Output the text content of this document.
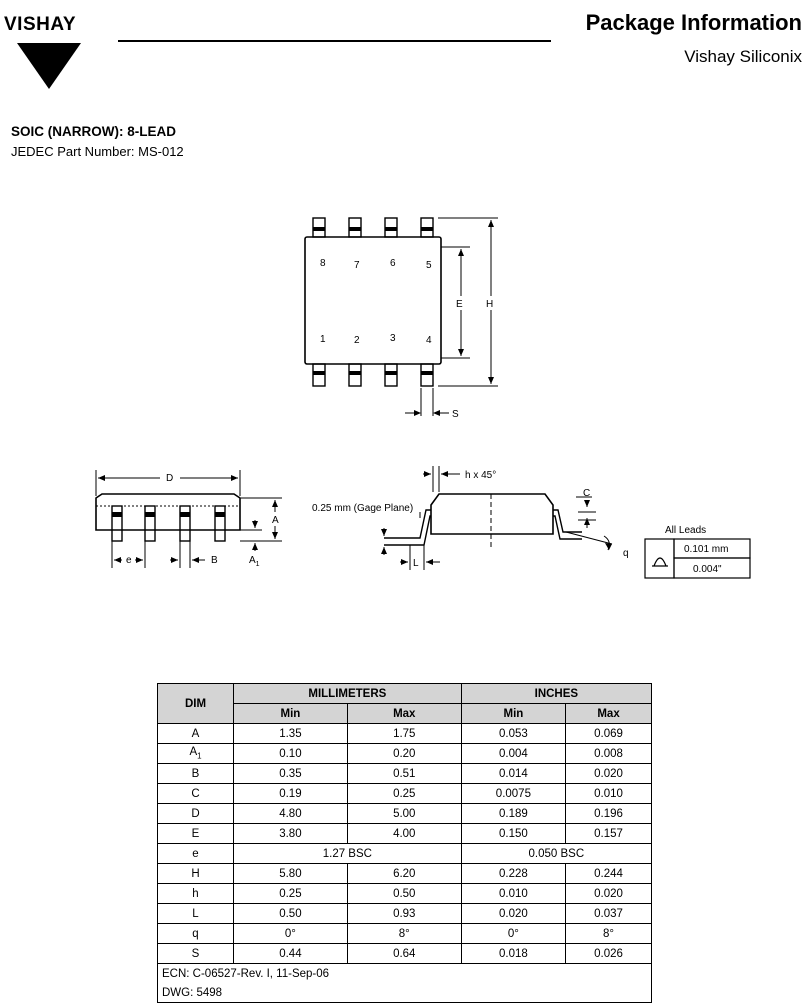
VISHAY	Package Information
Vishay Siliconix
SOIC (NARROW): 8-LEAD
JEDEC Part Number: MS-012
8	7	6	5
1	2	3	4
E H
S
D
A
$A_1$
e	B
h x 45°
0.25 mm (Gage Plane)
C
L
q
All Leads
0.101 mm
0.004"
DIM	MILLIMETERS		INCHES	
	Min	Max	Min	Max
A	1.35	1.75	0.053	0.069
$A_1$	0.10	0.20	0.004	0.008
B	0.35	0.51	0.014	0.020
C	0.19	0.25	0.0075	0.010
D	4.80	5.00	0.189	0.196
E	3.80	4.00	0.150	0.157
e	1.27 BSC		0.050 BSC	
H	5.80	6.20	0.228	0.244
h	0.25	0.50	0.010	0.020
L	0.50	0.93	0.020	0.037
q	0°	8°	0°	8°
S	0.44	0.64	0.018	0.026
ECN: C-06527-Rev. I, 11-Sep-06				
DWG: 5498				
